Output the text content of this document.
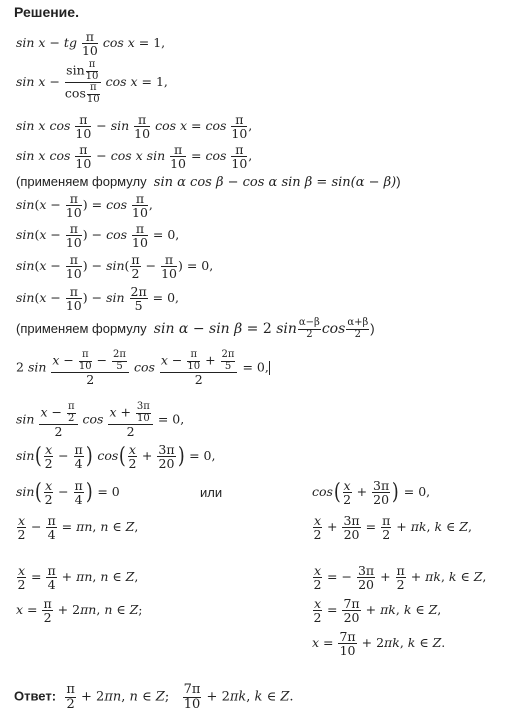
Решение.
sin x − tg $\frac{\pi}{10}$ cos x = 1,
$\sin x - \frac{\sin \frac{\pi}{10}}{\cos \frac{\pi}{10}}$ cos x = 1,
sin x $\cos \frac{\pi}{10} - \sin \frac{\pi}{10}$ $\cos x = \cos \frac{\pi}{10}$ ,
sin x $\cos \frac{\pi}{10} - \cos x$ $\sin \frac{\pi}{10} = \cos \frac{\pi}{10}$ ,
(применяем формулу  sin α cos β − cos α sin β = sin(α − β))
$\sin(x - \frac{\pi}{10}$ ) = $\cos \frac{\pi}{10}$ ,
$\sin(x - \frac{\pi}{10}$ ) − $\cos \frac{\pi}{10} = 0$,
$\sin(x - \frac{\pi}{10}$ ) − $\sin( \frac{\pi}{2} - \frac{\pi}{10}$ ) = 0,
$\sin(x - \frac{\pi}{10}$ ) − $\sin \frac{2\pi}{5} = 0$,
(применяем формулу  sin α − sin β = 2 $\sin \frac{\alpha-\beta}{2}$ $\cos \frac{\alpha+\beta}{2}$ )
2 $\sin \frac{x - \frac{\pi}{10} - \frac{2\pi}{5}}{2}$ $\cos \frac{x - \frac{\pi}{10} + \frac{2\pi}{5}}{2} = 0$,
$\sin \frac{x - \frac{\pi}{2}}{2}$ $\cos \frac{x + \frac{3\pi}{10}}{2} = 0$,
$\sin( \frac{x}{2} - \frac{\pi}{4}$ ) $\cos( \frac{x}{2} + \frac{3\pi}{20}$ ) = 0,
$\sin( \frac{x}{2} - \frac{\pi}{4}$ ) = 0	или
$\frac{x}{2} - \frac{\pi}{4} = \pi n$, n ∈ Z,
$\frac{x}{2} = \frac{\pi}{4} + \pi n$, n ∈ Z,
$x = \frac{\pi}{2} + 2\pi n$, n ∈ Z;
$\cos( \frac{x}{2} + \frac{3\pi}{20}$ ) = 0,
$\frac{x}{2} + \frac{3\pi}{20} = \frac{\pi}{2} + \pi k$, k ∈ Z,
$\frac{x}{2}$ = − $\frac{3\pi}{20} + \frac{\pi}{2} + \pi k$, k ∈ Z,
$\frac{x}{2} = \frac{7\pi}{20} + \pi k$, k ∈ Z,
$x = \frac{7\pi}{10} + 2\pi k$, k ∈ Z.
Ответ: $\frac{\pi}{2} + 2\pi n$, n ∈ Z; $\frac{7\pi}{10} + 2\pi k$, k ∈ Z.
